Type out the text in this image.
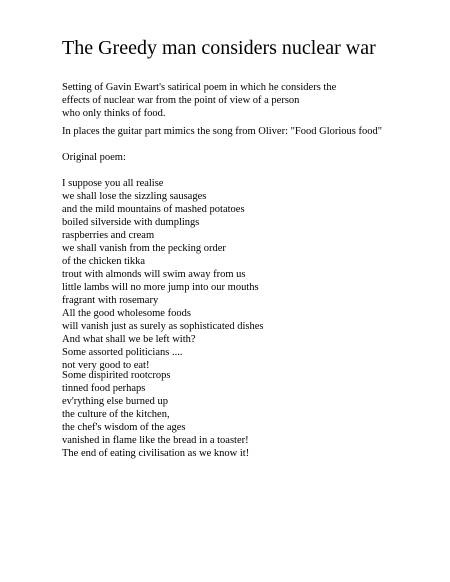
The Greedy man considers nuclear war
Setting of Gavin Ewart's satirical poem in which he considers the
effects of nuclear war from the point of view of a person
who only thinks of food.
In places the guitar part mimics the song from Oliver: "Food Glorious food"
Original poem:
I suppose you all realise
we shall lose the sizzling sausages
and the mild mountains of mashed potatoes
boiled silverside with dumplings
raspberries and cream
we shall vanish from the pecking order
of the chicken tikka
trout with almonds will swim away from us
little lambs will no more jump into our mouths
fragrant with rosemary
All the good wholesome foods
will vanish just as surely as sophisticated dishes
And what shall we be left with?
Some assorted politicians ....
not very good to eat!
Some dispirited rootcrops
tinned food perhaps
ev'rything else burned up
the culture of the kitchen,
the chef's wisdom of the ages
vanished in flame like the bread in a toaster!
The end of eating civilisation as we know it!
